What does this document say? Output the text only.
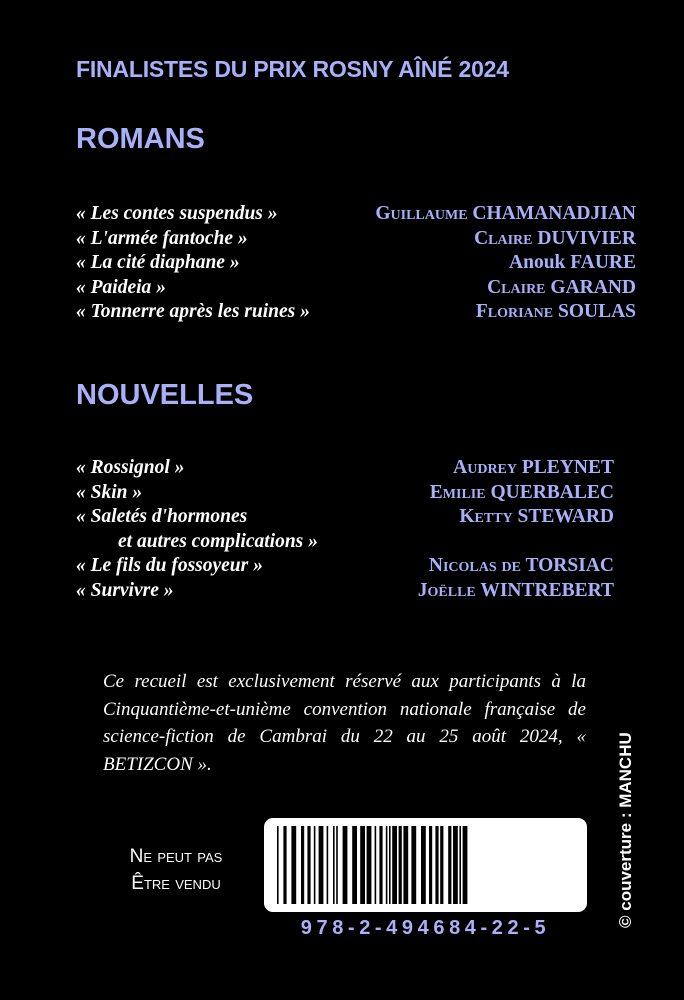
FINALISTES DU PRIX ROSNY AÎNÉ 2024
ROMANS
« Les contes suspendus »	Guillaume CHAMANADJIAN
« L'armée fantoche »	Claire DUVIVIER
« La cité diaphane »	Anouk FAURE
« Paideia »	Claire GARAND
« Tonnerre après les ruines »	Floriane SOULAS
NOUVELLES
« Rossignol »	Audrey PLEYNET
« Skin »	Emilie QUERBALEC
« Saletés d'hormones	Ketty STEWARD
et autres complications »
« Le fils du fossoyeur »	Nicolas de TORSIAC
« Survivre »	Joëlle WINTREBERT
Ce recueil est exclusivement réservé aux participants à la Cinquantième-et-unième convention nationale française de science-fiction de Cambrai du 22 au 25 août 2024, « BETIZCON ».	© couverture : MANCHU
Ne peut pas
Être vendu
978-2-494684-22-5
